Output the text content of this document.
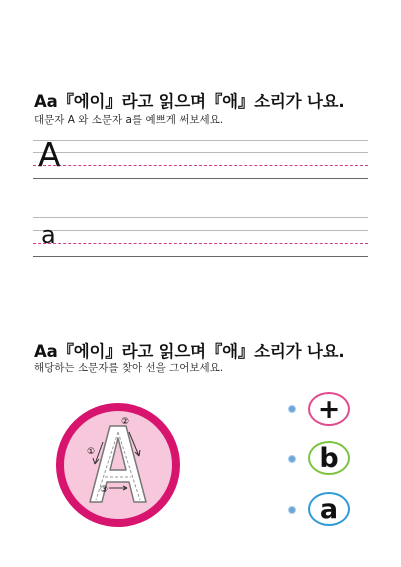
Aa『에이』라고 읽으며『애』소리가 나요.
대문자 A 와 소문자 a를 예쁘게 써보세요.
A
a
Aa『에이』라고 읽으며『애』소리가 나요.
해당하는 소문자를 찾아 선을 그어보세요.
①
②
③
+
b
a
